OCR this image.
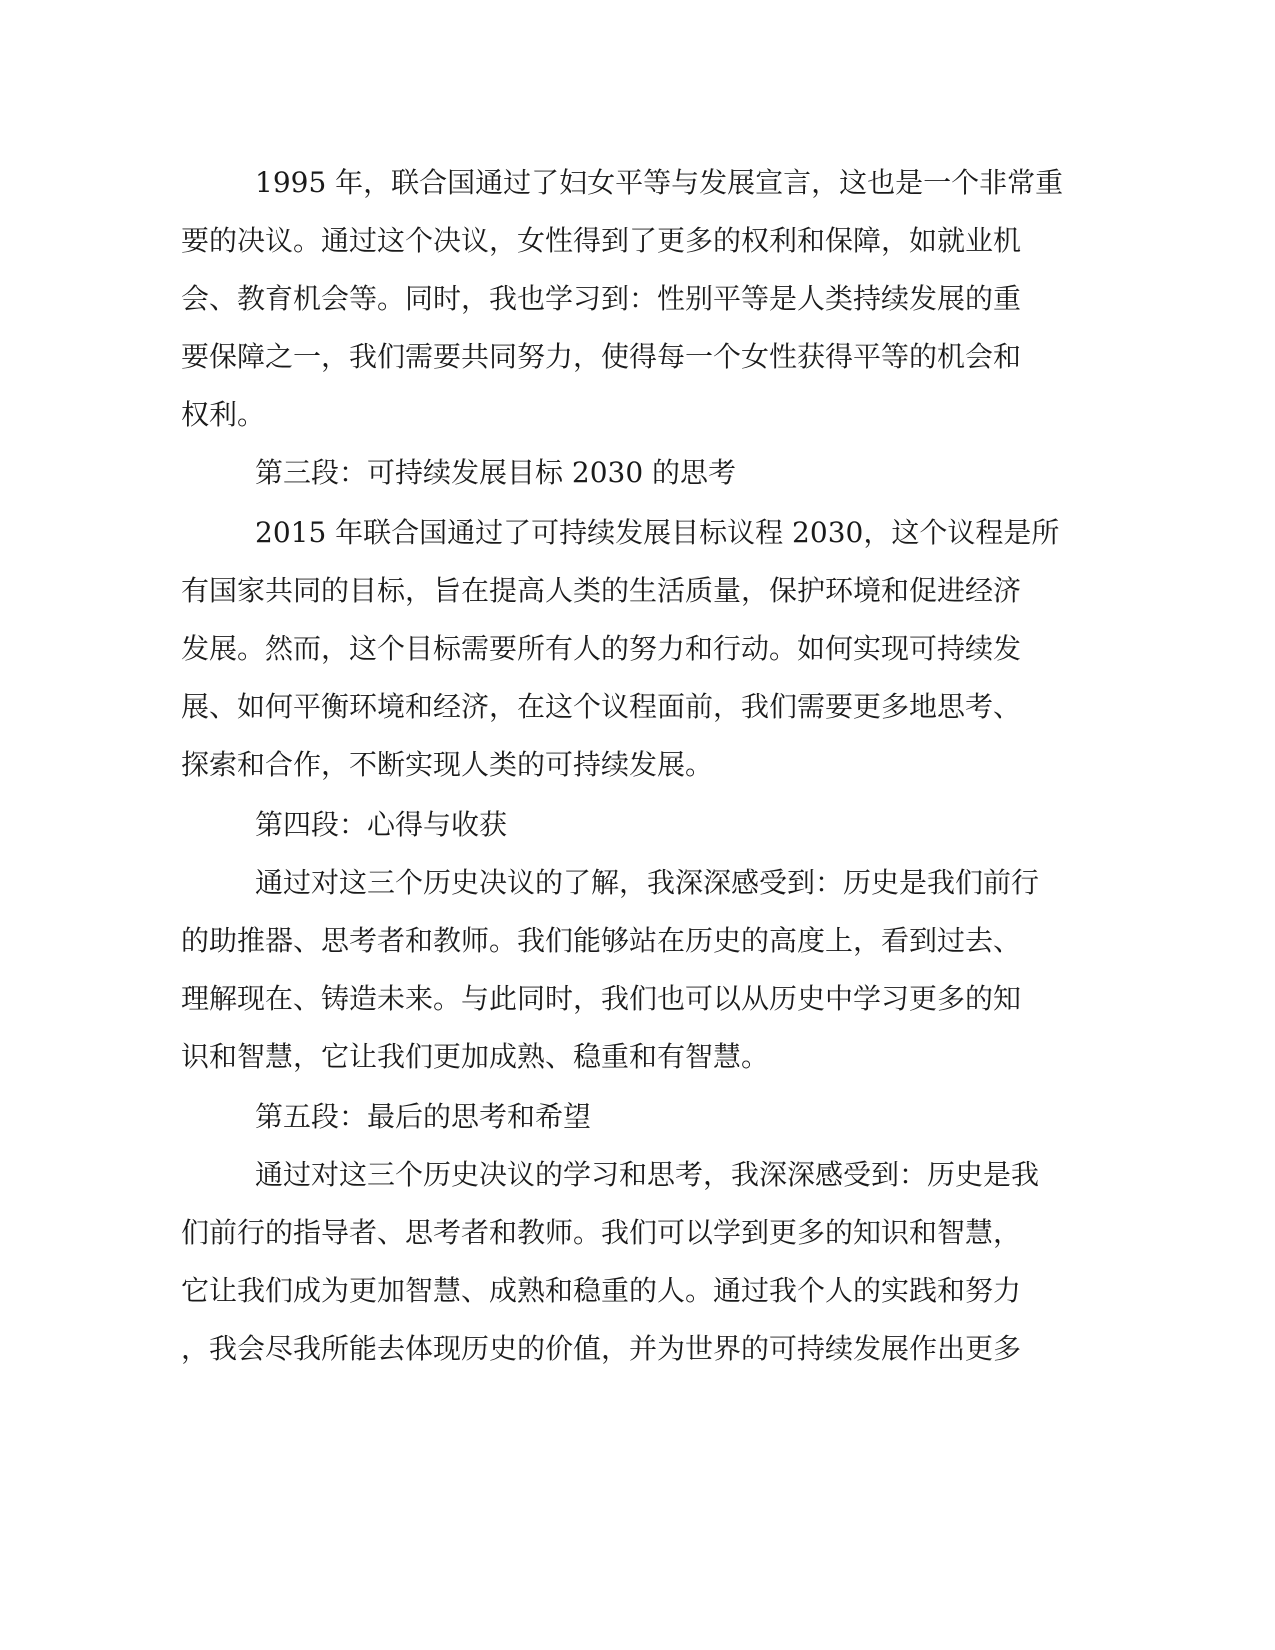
1995 年，联合国通过了妇女平等与发展宣言，这也是一个非常重
要的决议。通过这个决议，女性得到了更多的权利和保障，如就业机
会、教育机会等。同时，我也学习到：性别平等是人类持续发展的重
要保障之一，我们需要共同努力，使得每一个女性获得平等的机会和
权利。
第三段：可持续发展目标 2030 的思考
2015 年联合国通过了可持续发展目标议程 2030，这个议程是所
有国家共同的目标，旨在提高人类的生活质量，保护环境和促进经济
发展。然而，这个目标需要所有人的努力和行动。如何实现可持续发
展、如何平衡环境和经济，在这个议程面前，我们需要更多地思考、
探索和合作，不断实现人类的可持续发展。
第四段：心得与收获
通过对这三个历史决议的了解，我深深感受到：历史是我们前行
的助推器、思考者和教师。我们能够站在历史的高度上，看到过去、
理解现在、铸造未来。与此同时，我们也可以从历史中学习更多的知
识和智慧，它让我们更加成熟、稳重和有智慧。
第五段：最后的思考和希望
通过对这三个历史决议的学习和思考，我深深感受到：历史是我
们前行的指导者、思考者和教师。我们可以学到更多的知识和智慧，
它让我们成为更加智慧、成熟和稳重的人。通过我个人的实践和努力
，我会尽我所能去体现历史的价值，并为世界的可持续发展作出更多
